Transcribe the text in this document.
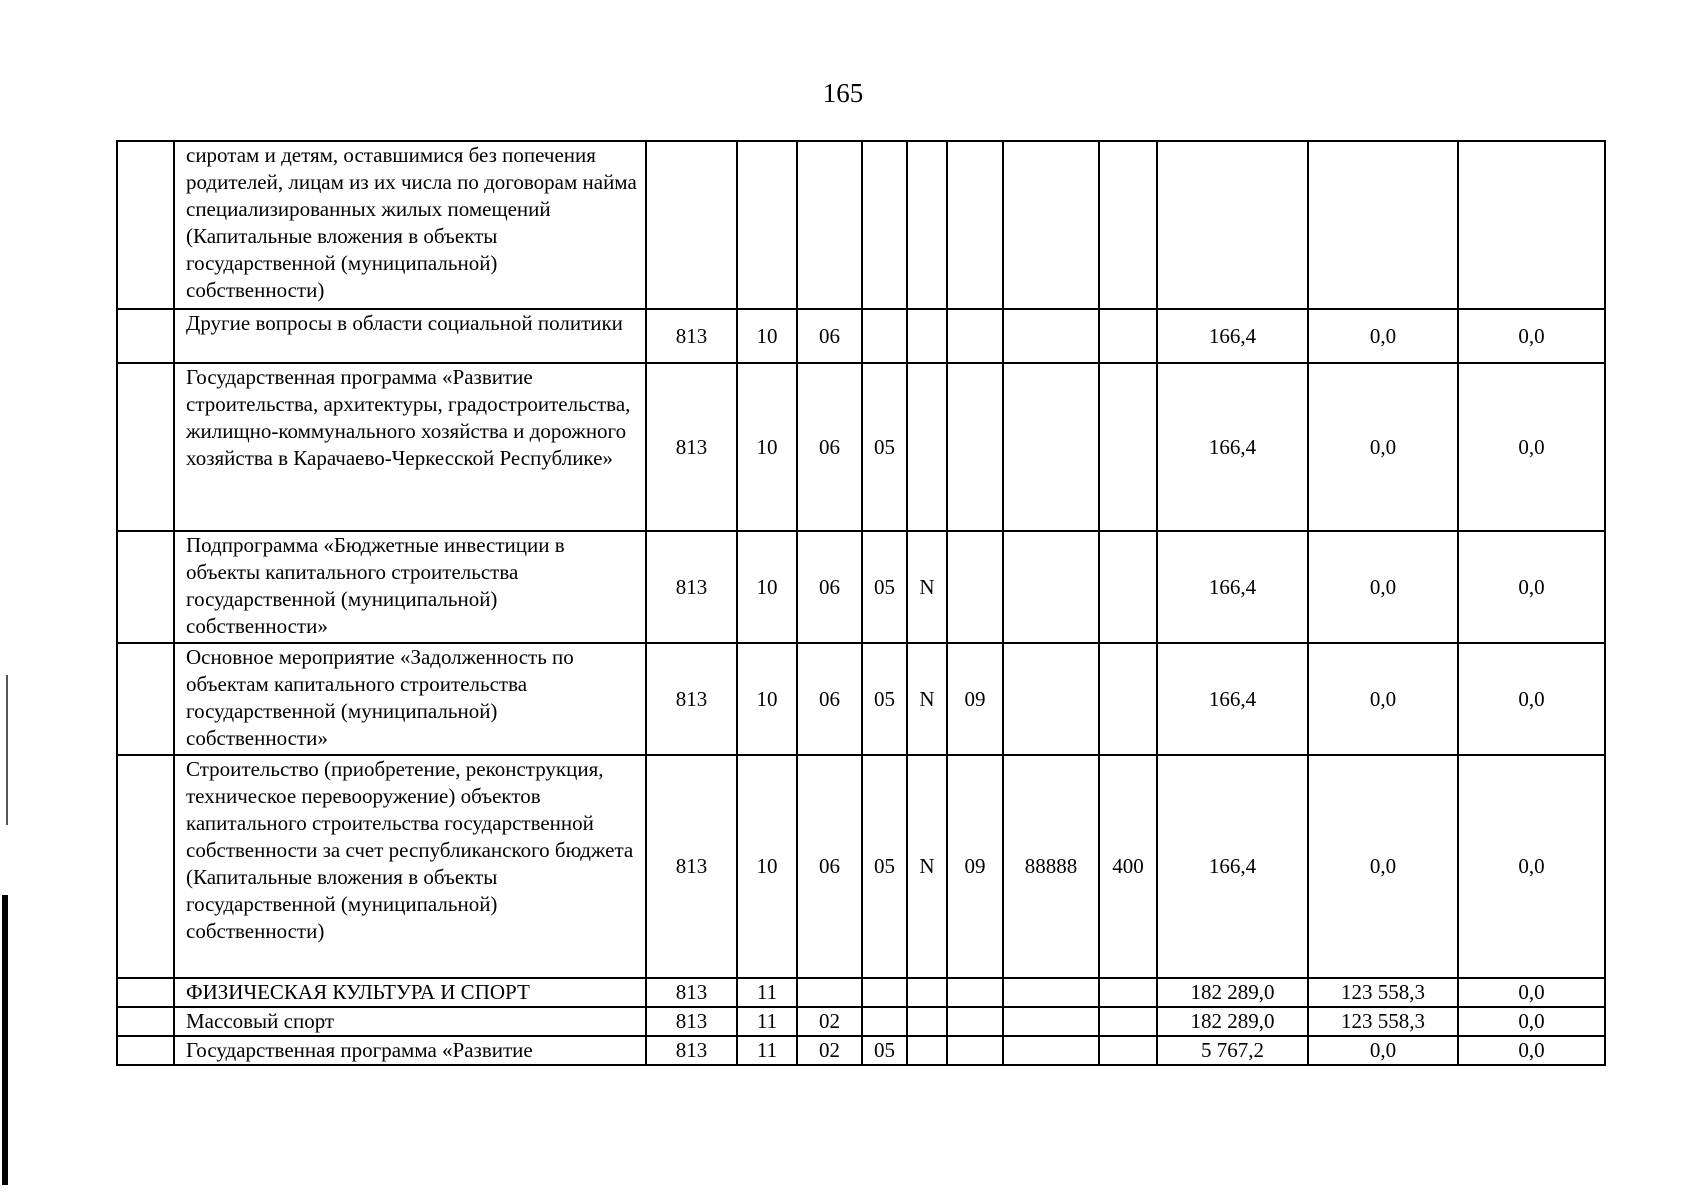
165
	сиротам и детям, оставшимися без попечения родителей, лицам из их числа по договорам найма специализированных жилых помещений (Капитальные вложения в объекты государственной (муниципальной) собственности)											
	Другие вопросы в области социальной политики	813	10	06						166,4	0,0	0,0
	Государственная программа «Развитие строительства, архитектуры, градостроительства, жилищно-коммунального хозяйства и дорожного хозяйства в Карачаево-Черкесской Республике»	813	10	06	05					166,4	0,0	0,0
	Подпрограмма «Бюджетные инвестиции в объекты капитального строительства государственной (муниципальной) собственности»	813	10	06	05	N				166,4	0,0	0,0
	Основное мероприятие «Задолженность по объектам капитального строительства государственной (муниципальной) собственности»	813	10	06	05	N	09			166,4	0,0	0,0
	Строительство (приобретение, реконструкция, техническое перевооружение) объектов капитального строительства государственной собственности за счет республиканского бюджета (Капитальные вложения в объекты государственной (муниципальной) собственности)	813	10	06	05	N	09	88888	400	166,4	0,0	0,0
	ФИЗИЧЕСКАЯ КУЛЬТУРА И СПОРТ	813	11							182 289,0	123 558,3	0,0
	Массовый спорт	813	11	02						182 289,0	123 558,3	0,0
	Государственная программа «Развитие	813	11	02	05					5 767,2	0,0	0,0
